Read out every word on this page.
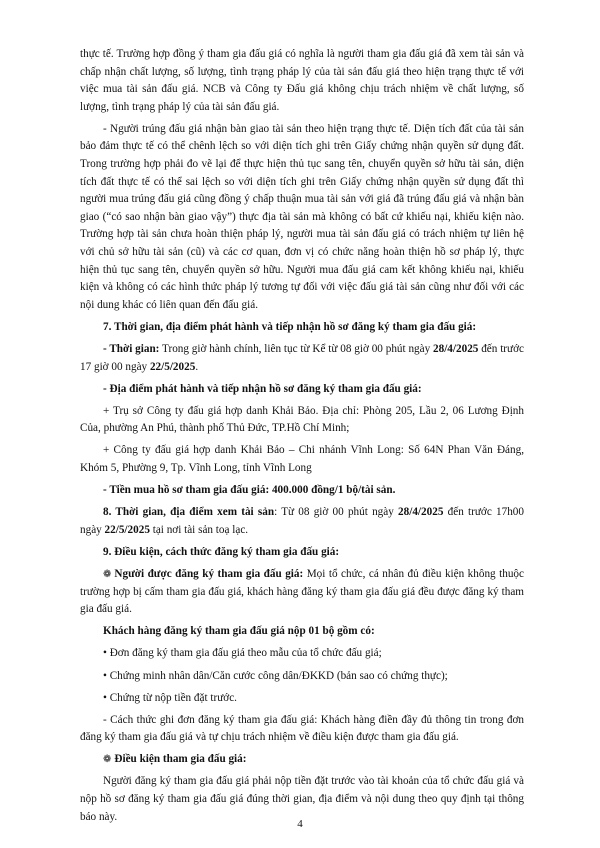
thực tế. Trường hợp đồng ý tham gia đấu giá có nghĩa là người tham gia đấu giá đã xem tài sản và chấp nhận chất lượng, số lượng, tình trạng pháp lý của tài sản đấu giá theo hiện trạng thực tế với việc mua tài sản đấu giá. NCB và Công ty Đấu giá không chịu trách nhiệm về chất lượng, số lượng, tình trạng pháp lý của tài sản đấu giá.

- Người trúng đấu giá nhận bàn giao tài sản theo hiện trạng thực tế. Diện tích đất của tài sản bảo đảm thực tế có thể chênh lệch so với diện tích ghi trên Giấy chứng nhận quyền sử dụng đất. Trong trường hợp phải đo vẽ lại để thực hiện thủ tục sang tên, chuyển quyền sở hữu tài sản, diện tích đất thực tế có thể sai lệch so với diện tích ghi trên Giấy chứng nhận quyền sử dụng đất thì người mua trúng đấu giá cũng đồng ý chấp thuận mua tài sản với giá đã trúng đấu giá và nhận bàn giao (“có sao nhận bàn giao vậy”) thực địa tài sản mà không có bất cứ khiếu nại, khiếu kiện nào. Trường hợp tài sản chưa hoàn thiện pháp lý, người mua tài sản đấu giá có trách nhiệm tự liên hệ với chủ sở hữu tài sản (cũ) và các cơ quan, đơn vị có chức năng hoàn thiện hồ sơ pháp lý, thực hiện thủ tục sang tên, chuyển quyền sở hữu. Người mua đấu giá cam kết không khiếu nại, khiếu kiện và không có các hình thức pháp lý tương tự đối với việc đấu giá tài sản cũng như đối với các nội dung khác có liên quan đến đấu giá.

7. Thời gian, địa điểm phát hành và tiếp nhận hồ sơ đăng ký tham gia đấu giá:

- Thời gian: Trong giờ hành chính, liên tục từ Kể từ 08 giờ 00 phút ngày 28/4/2025 đến trước 17 giờ 00 ngày 22/5/2025.

- Địa điểm phát hành và tiếp nhận hồ sơ đăng ký tham gia đấu giá:

+ Trụ sở Công ty đấu giá hợp danh Khải Bảo. Địa chỉ: Phòng 205, Lầu 2, 06 Lương Định Của, phường An Phú, thành phố Thủ Đức, TP.Hồ Chí Minh;

+ Công ty đấu giá hợp danh Khải Bảo – Chi nhánh Vĩnh Long: Số 64N Phan Văn Đáng, Khóm 5, Phường 9, Tp. Vĩnh Long, tỉnh Vĩnh Long

- Tiền mua hồ sơ tham gia đấu giá: 400.000 đồng/1 bộ/tài sản.

8. Thời gian, địa điểm xem tài sản: Từ 08 giờ 00 phút ngày 28/4/2025 đến trước 17h00 ngày 22/5/2025 tại nơi tài sản toạ lạc.

9. Điều kiện, cách thức đăng ký tham gia đấu giá:

❁ Người được đăng ký tham gia đấu giá: Mọi tổ chức, cá nhân đủ điều kiện không thuộc trường hợp bị cấm tham gia đấu giá, khách hàng đăng ký tham gia đấu giá đều được đăng ký tham gia đấu giá.

Khách hàng đăng ký tham gia đấu giá nộp 01 bộ gồm có:

• Đơn đăng ký tham gia đấu giá theo mẫu của tổ chức đấu giá;

• Chứng minh nhân dân/Căn cước công dân/ĐKKD (bản sao có chứng thực);

• Chứng từ nộp tiền đặt trước.

- Cách thức ghi đơn đăng ký tham gia đấu giá: Khách hàng điền đầy đủ thông tin trong đơn đăng ký tham gia đấu giá và tự chịu trách nhiệm về điều kiện được tham gia đấu giá.

❁ Điều kiện tham gia đấu giá:

Người đăng ký tham gia đấu giá phải nộp tiền đặt trước vào tài khoản của tổ chức đấu giá và nộp hồ sơ đăng ký tham gia đấu giá đúng thời gian, địa điểm và nội dung theo quy định tại thông báo này.

4
